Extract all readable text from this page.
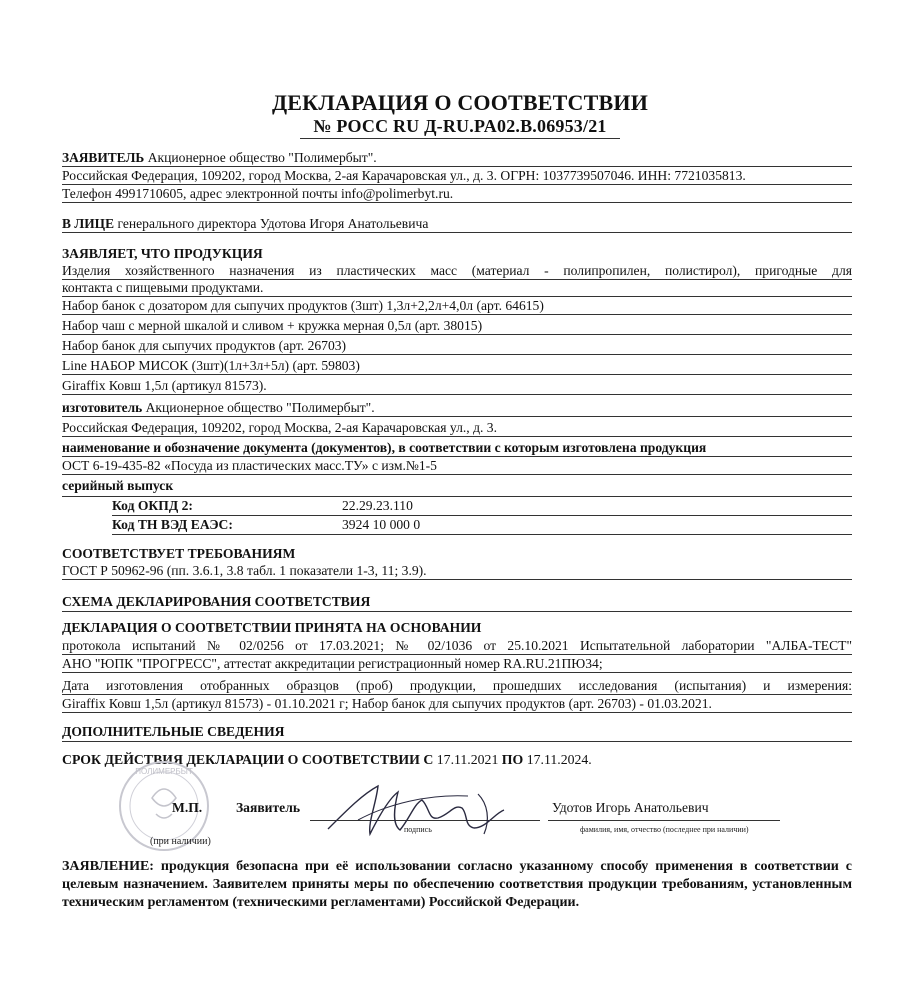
ДЕКЛАРАЦИЯ О СООТВЕТСТВИИ
№ РОСС RU Д-RU.PA02.B.06953/21
ЗАЯВИТЕЛЬ Акционерное общество "Полимербыт".
Российская Федерация, 109202, город Москва, 2-ая Карачаровская ул., д. 3. ОГРН: 1037739507046. ИНН: 7721035813.
Телефон 4991710605, адрес электронной почты info@polimerbyt.ru.
В ЛИЦЕ генерального директора Удотова Игоря Анатольевича
ЗАЯВЛЯЕТ, ЧТО ПРОДУКЦИЯ
Изделия хозяйственного назначения из пластических масс (материал - полипропилен, полистирол), пригодные для
контакта с пищевыми продуктами.
Набор банок с дозатором для сыпучих продуктов (3шт) 1,3л+2,2л+4,0л (арт. 64615)
Набор чаш с мерной шкалой и сливом + кружка мерная 0,5л (арт. 38015)
Набор банок для сыпучих продуктов (арт. 26703)
Line НАБОР МИСОК (3шт)(1л+3л+5л) (арт. 59803)
Giraffix Ковш 1,5л (артикул 81573).
изготовитель Акционерное общество "Полимербыт".
Российская Федерация, 109202, город Москва, 2-ая Карачаровская ул., д. 3.
наименование и обозначение документа (документов), в соответствии с которым изготовлена продукция
ОСТ 6-19-435-82 «Посуда из пластических масс.ТУ» с изм.№1-5
серийный выпуск
Код ОКПД 2:	22.29.23.110
Код ТН ВЭД ЕАЭС:	3924 10 000 0
СООТВЕТСТВУЕТ ТРЕБОВАНИЯМ
ГОСТ Р 50962-96 (пп. 3.6.1, 3.8 табл. 1 показатели 1-3, 11; 3.9).
СХЕМА ДЕКЛАРИРОВАНИЯ СООТВЕТСТВИЯ
ДЕКЛАРАЦИЯ О СООТВЕТСТВИИ ПРИНЯТА НА ОСНОВАНИИ
протокола испытаний № 02/0256 от 17.03.2021; № 02/1036 от 25.10.2021 Испытательной лаборатории "АЛБА-ТЕСТ"
АНО "ЮПК "ПРОГРЕСС", аттестат аккредитации регистрационный номер RA.RU.21ПЮ34;
Дата изготовления отобранных образцов (проб) продукции, прошедших исследования (испытания) и измерения:
Giraffix Ковш 1,5л (артикул 81573) - 01.10.2021 г; Набор банок для сыпучих продуктов (арт. 26703) - 01.03.2021.
ДОПОЛНИТЕЛЬНЫЕ СВЕДЕНИЯ
СРОК ДЕЙСТВИЯ ДЕКЛАРАЦИИ О СООТВЕТСТВИИ С 17.11.2021 ПО 17.11.2024.
ПОЛИМЕРБЫТ
М.П.
(при наличии)
Заявитель
подпись
Удотов Игорь Анатольевич
фамилия, имя, отчество (последнее при наличии)
ЗАЯВЛЕНИЕ: продукция безопасна при её использовании согласно указанному способу применения в соответствии с целевым назначением. Заявителем приняты меры по обеспечению соответствия продукции требованиям, установленным техническим регламентом (техническими регламентами) Российской Федерации.
